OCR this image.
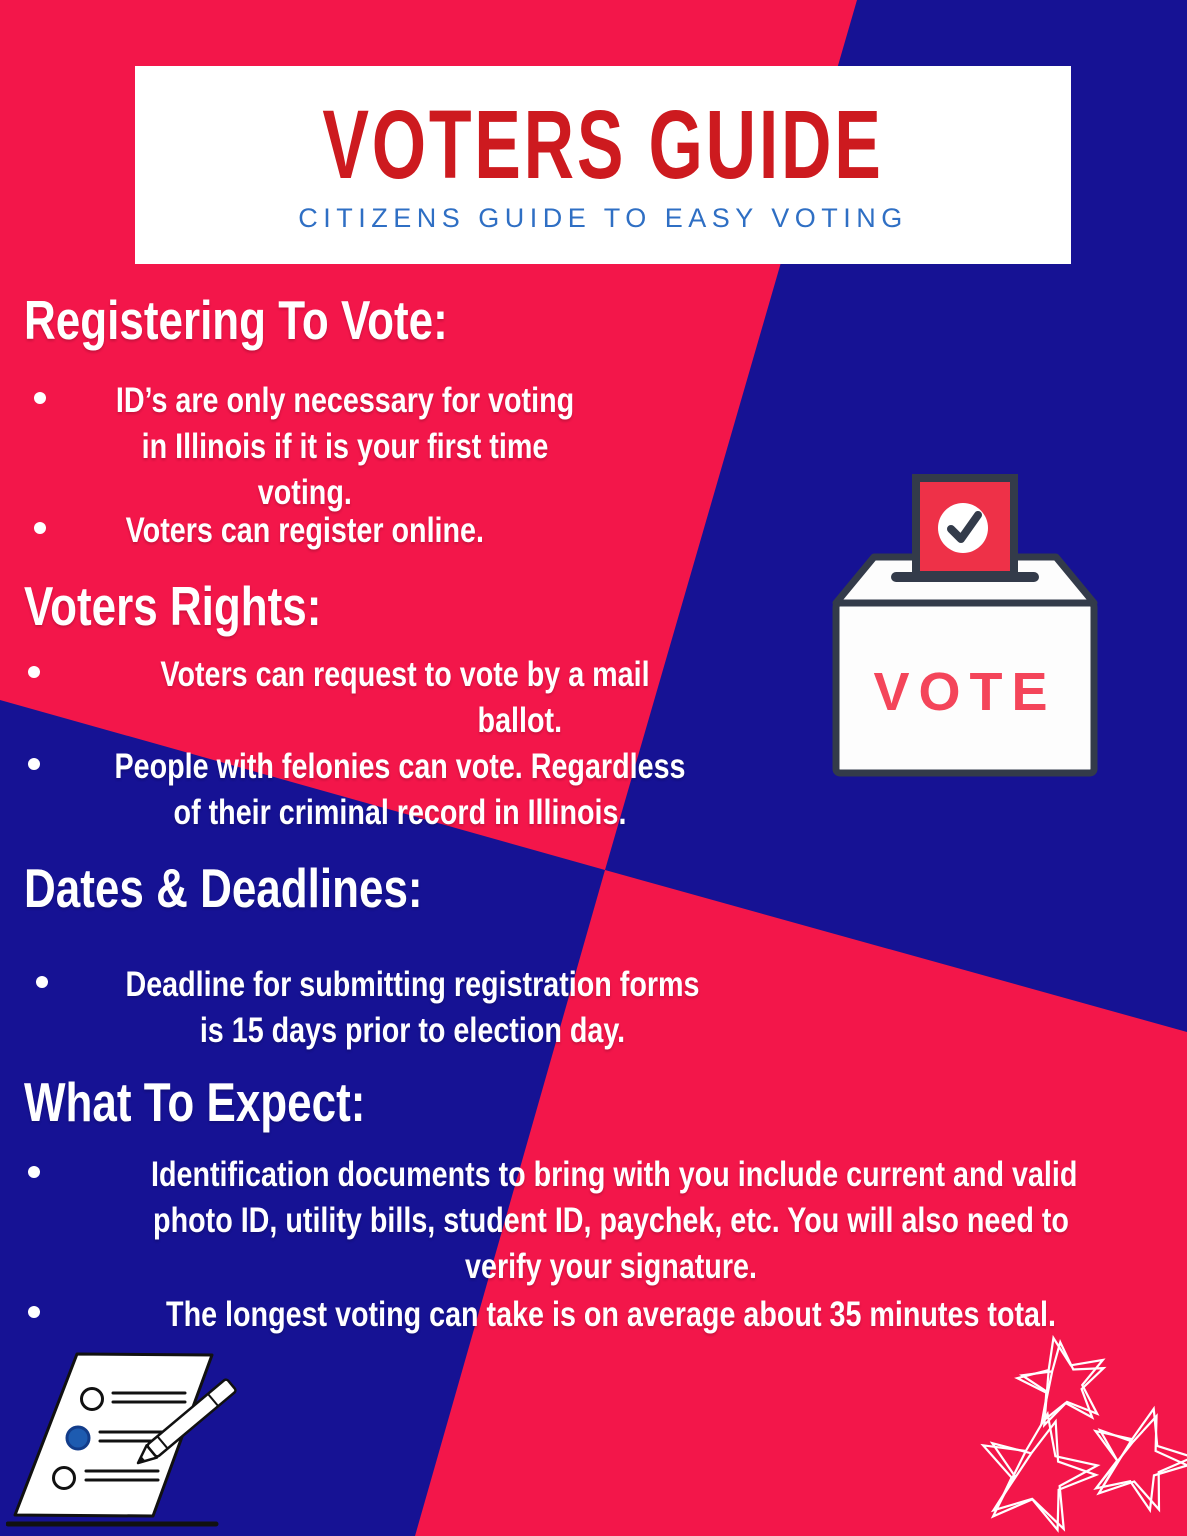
VOTERS GUIDE
CITIZENS GUIDE TO EASY VOTING
Registering To Vote:
ID’s are only necessary for voting
in Illinois if it is your first time
voting.
Voters can register online.
Voters Rights:
Voters can request to vote by a mail
ballot.
People with felonies can vote. Regardless
of their criminal record in Illinois.
Dates & Deadlines:
Deadline for submitting registration forms
is 15 days prior to election day.
What To Expect:
Identification documents to bring with you include current and valid
photo ID, utility bills, student ID, paychek, etc. You will also need to
verify your signature.
The longest voting can take is on average about 35 minutes total.
VOTE
